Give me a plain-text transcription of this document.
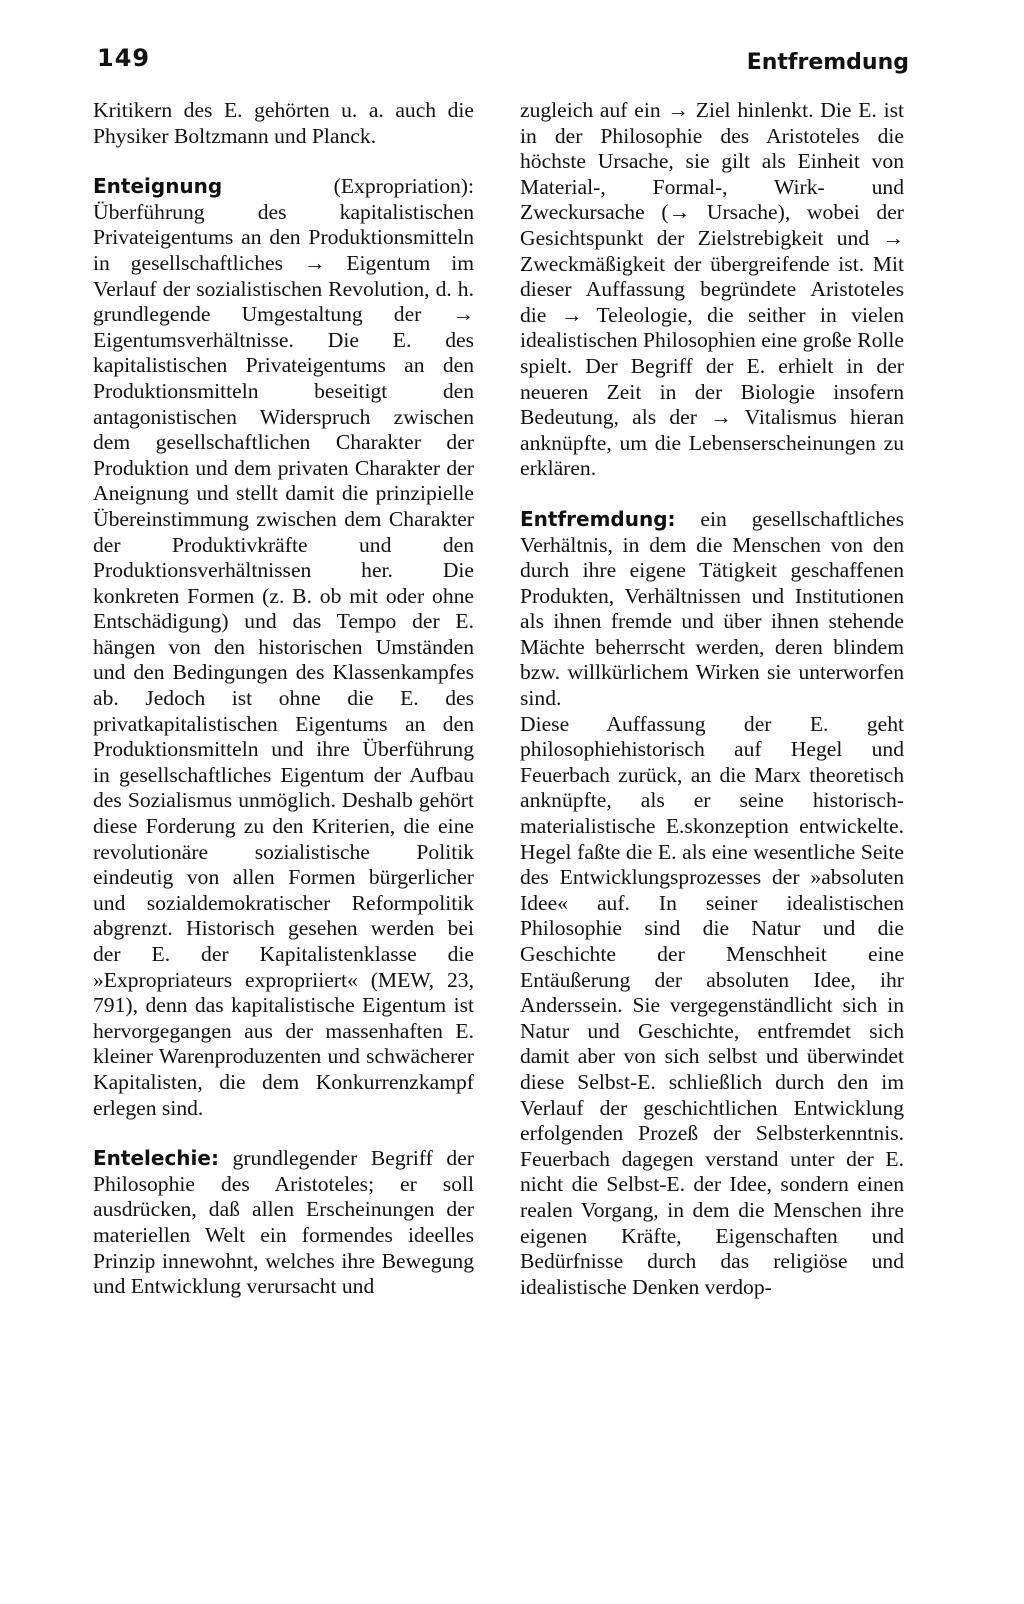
149	Entfremdung

Kritikern des E. gehörten u. a. auch die Physiker Boltzmann und Planck.

Enteignung (Expropriation): Überführung des kapitalistischen Privateigentums an den Produktionsmitteln in gesellschaftliches → Eigentum im Verlauf der sozialistischen Revolution, d. h. grundlegende Umgestaltung der → Eigentumsverhältnisse. Die E. des kapitalistischen Privateigentums an den Produktionsmitteln beseitigt den antagonistischen Widerspruch zwischen dem gesellschaftlichen Charakter der Produktion und dem privaten Charakter der Aneignung und stellt damit die prinzipielle Übereinstimmung zwischen dem Charakter der Produktivkräfte und den Produktionsverhältnissen her. Die konkreten Formen (z. B. ob mit oder ohne Entschädigung) und das Tempo der E. hängen von den historischen Umständen und den Bedingungen des Klassenkampfes ab. Jedoch ist ohne die E. des privatkapitalistischen Eigentums an den Produktionsmitteln und ihre Überführung in gesellschaftliches Eigentum der Aufbau des Sozialismus unmöglich. Deshalb gehört diese Forderung zu den Kriterien, die eine revolutionäre sozialistische Politik eindeutig von allen Formen bürgerlicher und sozialdemokratischer Reformpolitik abgrenzt. Historisch gesehen werden bei der E. der Kapitalistenklasse die »Expropriateurs expropriiert« (MEW, 23, 791), denn das kapitalistische Eigentum ist hervorgegangen aus der massenhaften E. kleiner Warenproduzenten und schwächerer Kapitalisten, die dem Konkurrenzkampf erlegen sind.

Entelechie: grundlegender Begriff der Philosophie des Aristoteles; er soll ausdrücken, daß allen Erscheinungen der materiellen Welt ein formendes ideelles Prinzip innewohnt, welches ihre Bewegung und Entwicklung verursacht und

zugleich auf ein → Ziel hinlenkt. Die E. ist in der Philosophie des Aristoteles die höchste Ursache, sie gilt als Einheit von Material-, Formal-, Wirk- und Zweckursache (→ Ursache), wobei der Gesichtspunkt der Zielstrebigkeit und → Zweckmäßigkeit der übergreifende ist. Mit dieser Auffassung begründete Aristoteles die → Teleologie, die seither in vielen idealistischen Philosophien eine große Rolle spielt. Der Begriff der E. erhielt in der neueren Zeit in der Biologie insofern Bedeutung, als der → Vitalismus hieran anknüpfte, um die Lebenserscheinungen zu erklären.

Entfremdung: ein gesellschaftliches Verhältnis, in dem die Menschen von den durch ihre eigene Tätigkeit geschaffenen Produkten, Verhältnissen und Institutionen als ihnen fremde und über ihnen stehende Mächte beherrscht werden, deren blindem bzw. willkürlichem Wirken sie unterworfen sind.

Diese Auffassung der E. geht philosophiehistorisch auf Hegel und Feuerbach zurück, an die Marx theoretisch anknüpfte, als er seine historisch-materialistische E.skonzeption entwickelte. Hegel faßte die E. als eine wesentliche Seite des Entwicklungsprozesses der »absoluten Idee« auf. In seiner idealistischen Philosophie sind die Natur und die Geschichte der Menschheit eine Entäußerung der absoluten Idee, ihr Anderssein. Sie vergegenständlicht sich in Natur und Geschichte, entfremdet sich damit aber von sich selbst und überwindet diese Selbst-E. schließlich durch den im Verlauf der geschichtlichen Entwicklung erfolgenden Prozeß der Selbsterkenntnis. Feuerbach dagegen verstand unter der E. nicht die Selbst-E. der Idee, sondern einen realen Vorgang, in dem die Menschen ihre eigenen Kräfte, Eigenschaften und Bedürfnisse durch das religiöse und idealistische Denken verdop-
